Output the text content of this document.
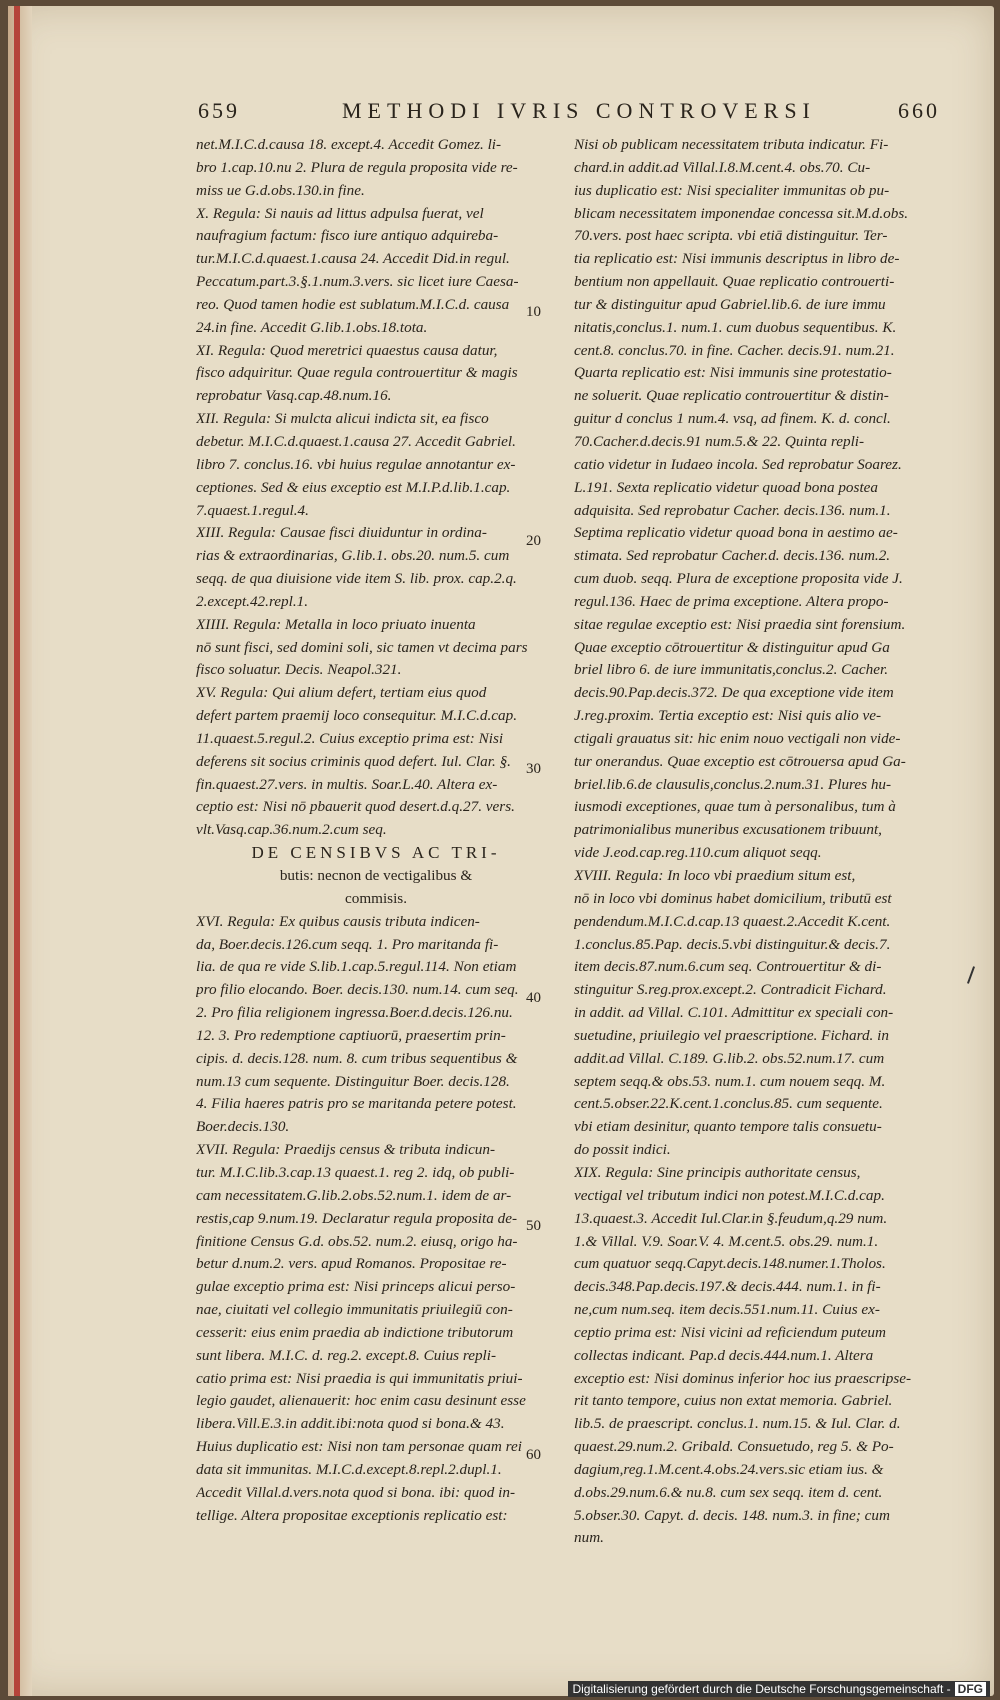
659	METHODI IVRIS CONTROVERSI	660
net.M.I.C.d.causa 18. except.4. Accedit Gomez. li-
bro 1.cap.10.nu 2. Plura de regula proposita vide re-
miss ue G.d.obs.130.in fine.
X. Regula: Si nauis ad littus adpulsa fuerat, vel
naufragium factum: fisco iure antiquo adquireba-
tur.M.I.C.d.quaest.1.causa 24. Accedit Did.in regul.
Peccatum.part.3.§.1.num.3.vers. sic licet iure Caesa-
reo. Quod tamen hodie est sublatum.M.I.C.d. causa
24.in fine. Accedit G.lib.1.obs.18.tota.
XI. Regula: Quod meretrici quaestus causa datur,
fisco adquiritur. Quae regula controuertitur & magis
reprobatur Vasq.cap.48.num.16.
XII. Regula: Si mulcta alicui indicta sit, ea fisco
debetur. M.I.C.d.quaest.1.causa 27. Accedit Gabriel.
libro 7. conclus.16. vbi huius regulae annotantur ex-
ceptiones. Sed & eius exceptio est M.I.P.d.lib.1.cap.
7.quaest.1.regul.4.
XIII. Regula: Causae fisci diuiduntur in ordina-
rias & extraordinarias, G.lib.1. obs.20. num.5. cum
seqq. de qua diuisione vide item S. lib. prox. cap.2.q.
2.except.42.repl.1.
XIIII. Regula: Metalla in loco priuato inuenta
nō sunt fisci, sed domini soli, sic tamen vt decima pars
fisco soluatur. Decis. Neapol.321.
XV. Regula: Qui alium defert, tertiam eius quod
defert partem praemij loco consequitur. M.I.C.d.cap.
11.quaest.5.regul.2. Cuius exceptio prima est: Nisi
deferens sit socius criminis quod defert. Iul. Clar. §.
fin.quaest.27.vers. in multis. Soar.L.40. Altera ex-
ceptio est: Nisi nō pbauerit quod desert.d.q.27. vers.
vlt.Vasq.cap.36.num.2.cum seq.
DE CENSIBVS AC TRI-
butis: necnon de vectigalibus &
commisis.
XVI. Regula: Ex quibus causis tributa indicen-
da, Boer.decis.126.cum seqq. 1. Pro maritanda fi-
lia. de qua re vide S.lib.1.cap.5.regul.114. Non etiam
pro filio elocando. Boer. decis.130. num.14. cum seq.
2. Pro filia religionem ingressa.Boer.d.decis.126.nu.
12. 3. Pro redemptione captiuorū, praesertim prin-
cipis. d. decis.128. num. 8. cum tribus sequentibus &
num.13 cum sequente. Distinguitur Boer. decis.128.
4. Filia haeres patris pro se maritanda petere potest.
Boer.decis.130.
XVII. Regula: Praedijs census & tributa indicun-
tur. M.I.C.lib.3.cap.13 quaest.1. reg 2. idq, ob publi-
cam necessitatem.G.lib.2.obs.52.num.1. idem de ar-
restis,cap 9.num.19. Declaratur regula proposita de-
finitione Census G.d. obs.52. num.2. eiusq, origo ha-
betur d.num.2. vers. apud Romanos. Propositae re-
gulae exceptio prima est: Nisi princeps alicui perso-
nae, ciuitati vel collegio immunitatis priuilegiū con-
cesserit: eius enim praedia ab indictione tributorum
sunt libera. M.I.C. d. reg.2. except.8. Cuius repli-
catio prima est: Nisi praedia is qui immunitatis priui-
legio gaudet, alienauerit: hoc enim casu desinunt esse
libera.Vill.E.3.in addit.ibi:nota quod si bona.& 43.
Huius duplicatio est: Nisi non tam personae quam rei
data sit immunitas. M.I.C.d.except.8.repl.2.dupl.1.
Accedit Villal.d.vers.nota quod si bona. ibi: quod in-
tellige. Altera propositae exceptionis replicatio est:
Nisi ob publicam necessitatem tributa indicatur. Fi-
chard.in addit.ad Villal.I.8.M.cent.4. obs.70. Cu-
ius duplicatio est: Nisi specialiter immunitas ob pu-
blicam necessitatem imponendae concessa sit.M.d.obs.
70.vers. post haec scripta. vbi etiā distinguitur. Ter-
tia replicatio est: Nisi immunis descriptus in libro de-
bentium non appellauit. Quae replicatio controuerti-
tur & distinguitur apud Gabriel.lib.6. de iure immu
nitatis,conclus.1. num.1. cum duobus sequentibus. K.
cent.8. conclus.70. in fine. Cacher. decis.91. num.21.
Quarta replicatio est: Nisi immunis sine protestatio-
ne soluerit. Quae replicatio controuertitur & distin-
guitur d conclus 1 num.4. vsq, ad finem. K. d. concl.
70.Cacher.d.decis.91 num.5.& 22. Quinta repli-
catio videtur in Iudaeo incola. Sed reprobatur Soarez.
L.191. Sexta replicatio videtur quoad bona postea
adquisita. Sed reprobatur Cacher. decis.136. num.1.
Septima replicatio videtur quoad bona in aestimo ae-
stimata. Sed reprobatur Cacher.d. decis.136. num.2.
cum duob. seqq. Plura de exceptione proposita vide J.
regul.136. Haec de prima exceptione. Altera propo-
sitae regulae exceptio est: Nisi praedia sint forensium.
Quae exceptio cōtrouertitur & distinguitur apud Ga
briel libro 6. de iure immunitatis,conclus.2. Cacher.
decis.90.Pap.decis.372. De qua exceptione vide item
J.reg.proxim. Tertia exceptio est: Nisi quis alio ve-
ctigali grauatus sit: hic enim nouo vectigali non vide-
tur onerandus. Quae exceptio est cōtrouersa apud Ga-
briel.lib.6.de clausulis,conclus.2.num.31. Plures hu-
iusmodi exceptiones, quae tum à personalibus, tum à
patrimonialibus muneribus excusationem tribuunt,
vide J.eod.cap.reg.110.cum aliquot seqq.
XVIII. Regula: In loco vbi praedium situm est,
nō in loco vbi dominus habet domicilium, tributū est
pendendum.M.I.C.d.cap.13 quaest.2.Accedit K.cent.
1.conclus.85.Pap. decis.5.vbi distinguitur.& decis.7.
item decis.87.num.6.cum seq. Controuertitur & di-
stinguitur S.reg.prox.except.2. Contradicit Fichard.
in addit. ad Villal. C.101. Admittitur ex speciali con-
suetudine, priuilegio vel praescriptione. Fichard. in
addit.ad Villal. C.189. G.lib.2. obs.52.num.17. cum
septem seqq.& obs.53. num.1. cum nouem seqq. M.
cent.5.obser.22.K.cent.1.conclus.85. cum sequente.
vbi etiam desinitur, quanto tempore talis consuetu-
do possit indici.
XIX. Regula: Sine principis authoritate census,
vectigal vel tributum indici non potest.M.I.C.d.cap.
13.quaest.3. Accedit Iul.Clar.in §.feudum,q.29 num.
1.& Villal. V.9. Soar.V. 4. M.cent.5. obs.29. num.1.
cum quatuor seqq.Capyt.decis.148.numer.1.Tholos.
decis.348.Pap.decis.197.& decis.444. num.1. in fi-
ne,cum num.seq. item decis.551.num.11. Cuius ex-
ceptio prima est: Nisi vicini ad reficiendum puteum
collectas indicant. Pap.d decis.444.num.1. Altera
exceptio est: Nisi dominus inferior hoc ius praescripse-
rit tanto tempore, cuius non extat memoria. Gabriel.
lib.5. de praescript. conclus.1. num.15. & Iul. Clar. d.
quaest.29.num.2. Gribald. Consuetudo, reg 5. & Po-
dagium,reg.1.M.cent.4.obs.24.vers.sic etiam ius. &
d.obs.29.num.6.& nu.8. cum sex seqq. item d. cent.
5.obser.30. Capyt. d. decis. 148. num.3. in fine; cum
num.
10
20
30
40
50
60
Digitalisierung gefördert durch die Deutsche Forschungsgemeinschaft - DFG
